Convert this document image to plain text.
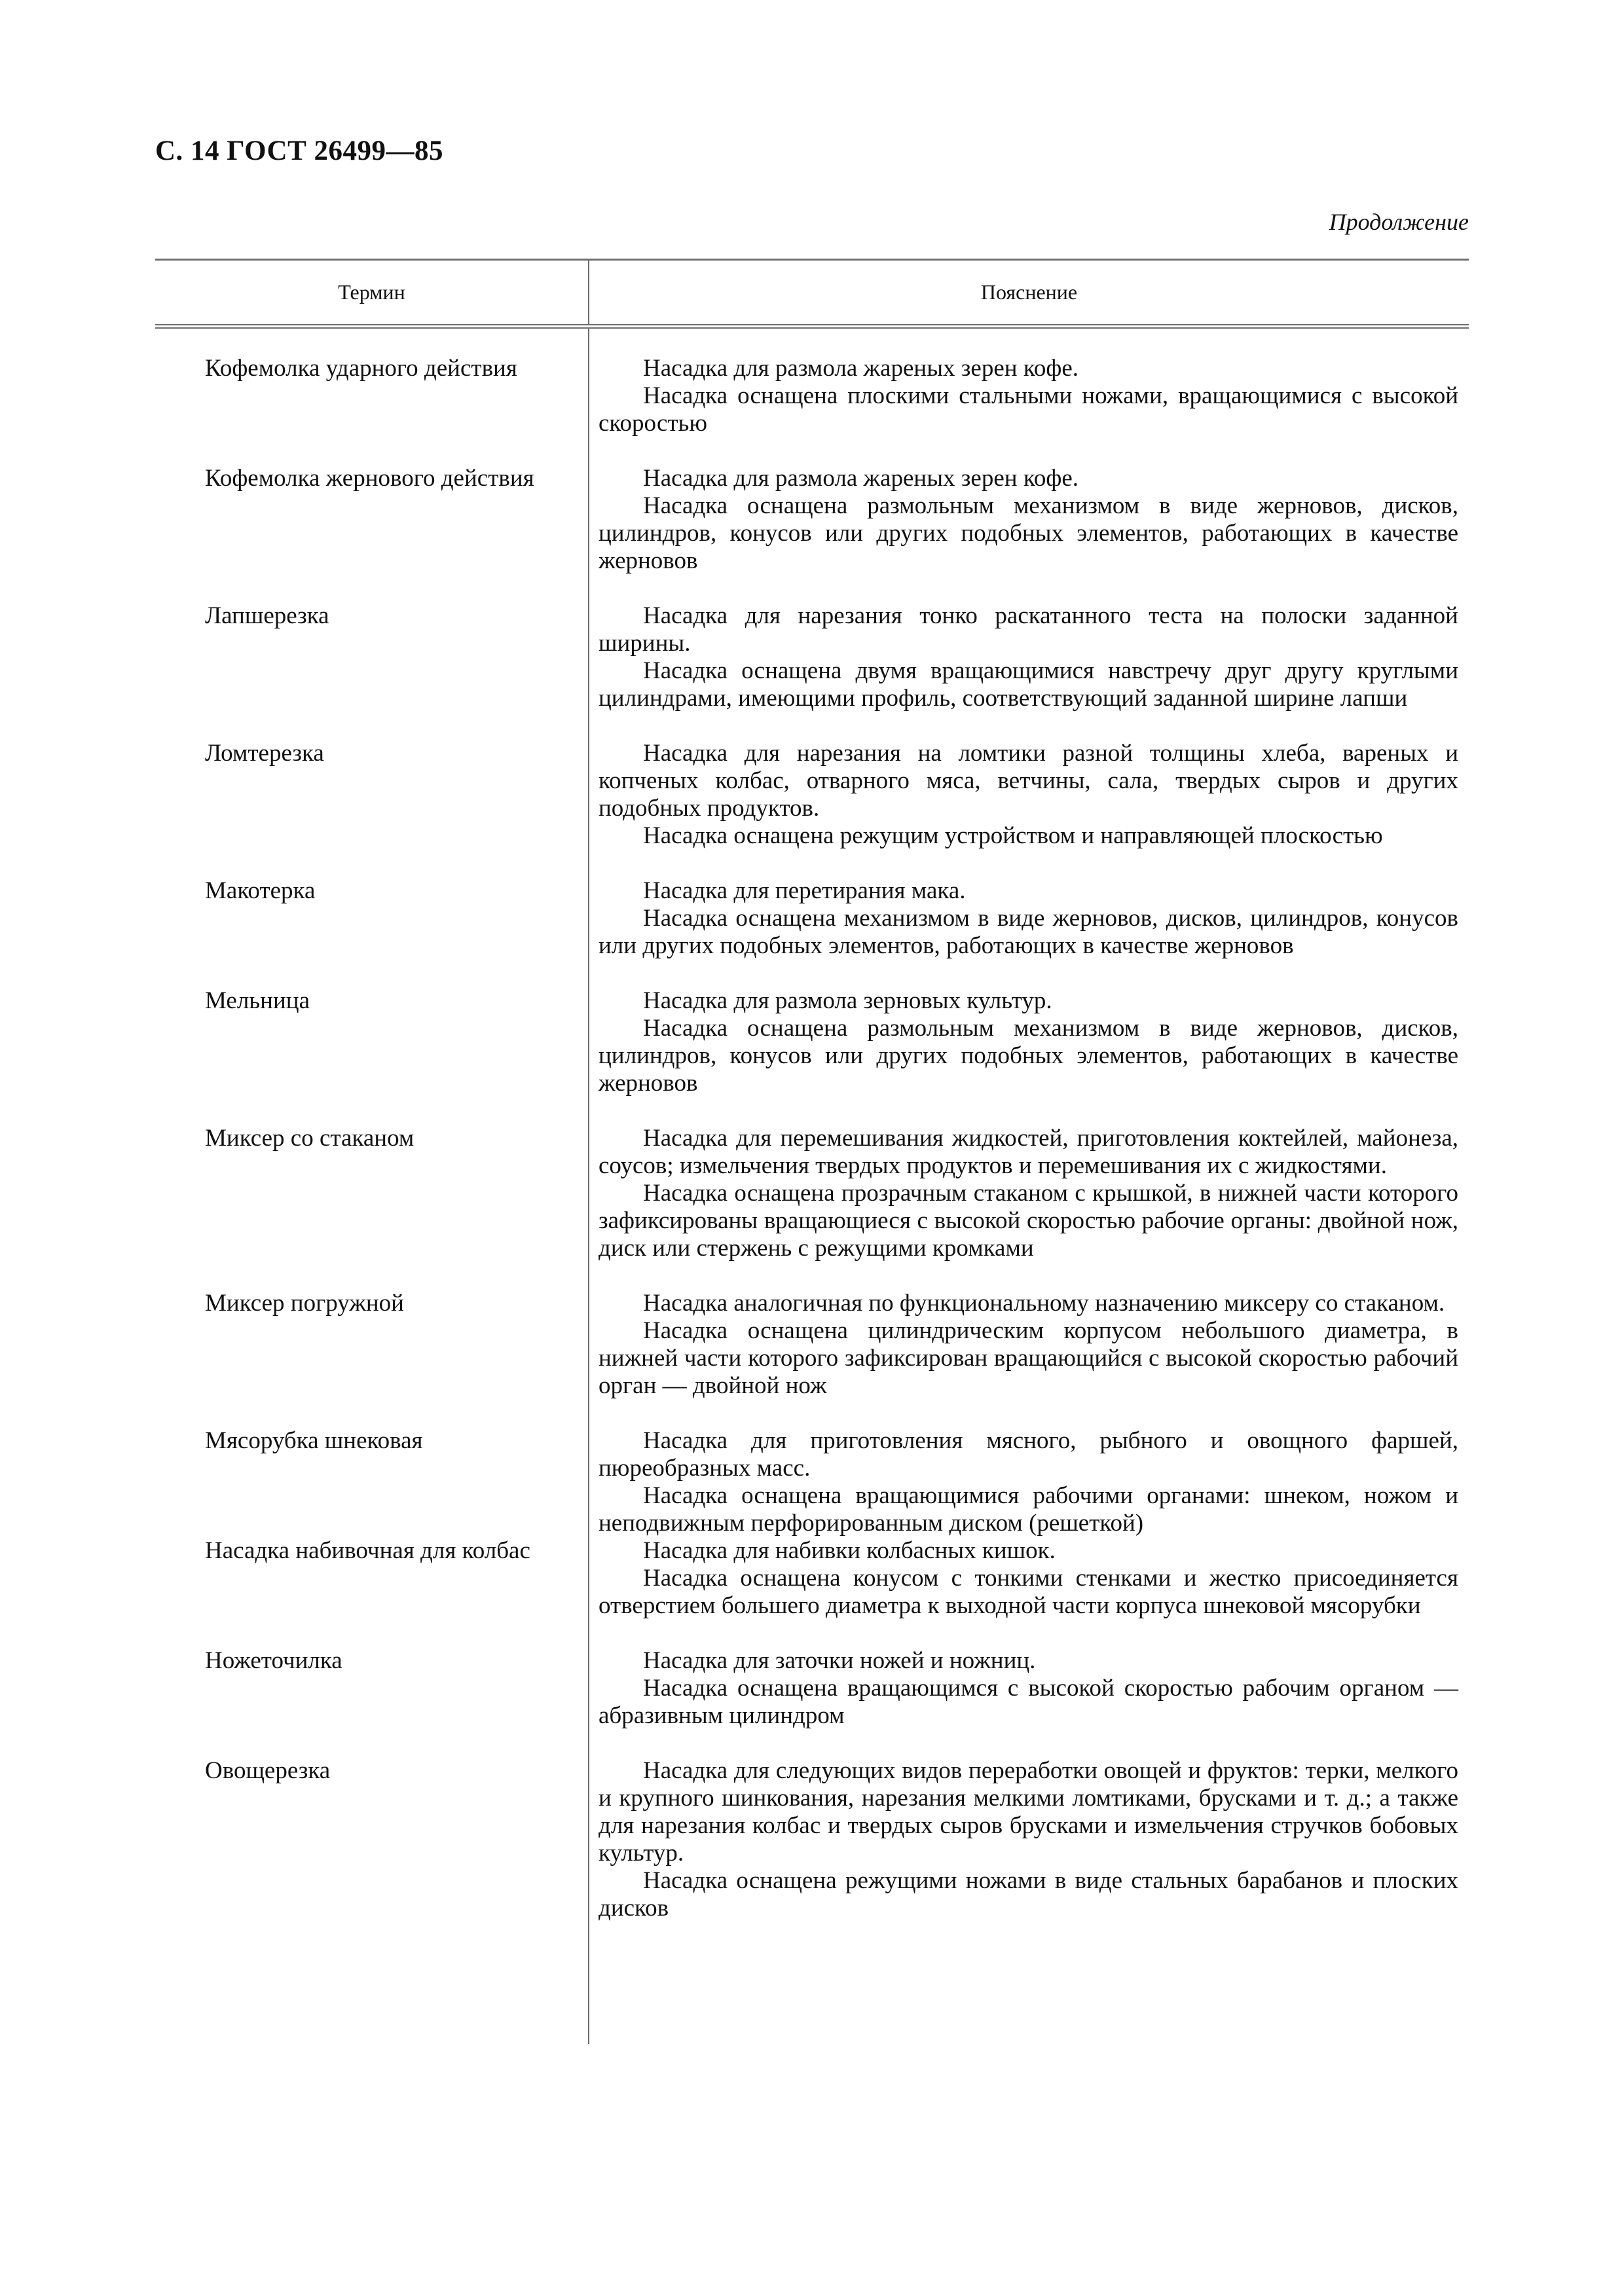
С. 14 ГОСТ 26499—85
Продолжение
Термин	Пояснение
Кофемолка ударного действия	Насадка для размола жареных зерен кофе.

Насадка оснащена плоскими стальными ножами, вращающимися с высокой скоростью

Кофемолка жернового действия	Насадка для размола жареных зерен кофе.

Насадка оснащена размольным механизмом в виде жерновов, дисков, цилиндров, конусов или других подобных элементов, работающих в качестве жерновов

Лапшерезка	Насадка для нарезания тонко раскатанного теста на полоски заданной ширины.

Насадка оснащена двумя вращающимися навстречу друг другу круглыми цилиндрами, имеющими профиль, соответствующий заданной ширине лапши

Ломтерезка	Насадка для нарезания на ломтики разной толщины хлеба, вареных и копченых колбас, отварного мяса, ветчины, сала, твердых сыров и других подобных продуктов.

Насадка оснащена режущим устройством и направляющей плоскостью

Макотерка	Насадка для перетирания мака.

Насадка оснащена механизмом в виде жерновов, дисков, цилиндров, конусов или других подобных элементов, работающих в качестве жерновов

Мельница	Насадка для размола зерновых культур.

Насадка оснащена размольным механизмом в виде жерновов, дисков, цилиндров, конусов или других подобных элементов, работающих в качестве жерновов

Миксер со стаканом	Насадка для перемешивания жидкостей, приготовления коктейлей, майонеза, соусов; измельчения твердых продуктов и перемешивания их с жидкостями.

Насадка оснащена прозрачным стаканом с крышкой, в нижней части которого зафиксированы вращающиеся с высокой скоростью рабочие органы: двойной нож, диск или стержень с режущими кромками

Миксер погружной	Насадка аналогичная по функциональному назначению миксеру со стаканом.

Насадка оснащена цилиндрическим корпусом небольшого диаметра, в нижней части которого зафиксирован вращающийся с высокой скоростью рабочий орган — двойной нож

Мясорубка шнековая	Насадка для приготовления мясного, рыбного и овощного фаршей, пюреобразных масс.

Насадка оснащена вращающимися рабочими органами: шнеком, ножом и неподвижным перфорированным диском (решеткой)

Насадка набивочная для колбас	Насадка для набивки колбасных кишок.

Насадка оснащена конусом с тонкими стенками и жестко присоединяется отверстием большего диаметра к выходной части корпуса шнековой мясорубки

Ножеточилка	Насадка для заточки ножей и ножниц.

Насадка оснащена вращающимся с высокой скоростью рабочим органом — абразивным цилиндром

Овощерезка	Насадка для следующих видов переработки овощей и фруктов: терки, мелкого и крупного шинкования, нарезания мелкими ломтиками, брусками и т. д.; а также для нарезания колбас и твердых сыров брусками и измельчения стручков бобовых культур.

Насадка оснащена режущими ножами в виде стальных барабанов и плоских дисков
